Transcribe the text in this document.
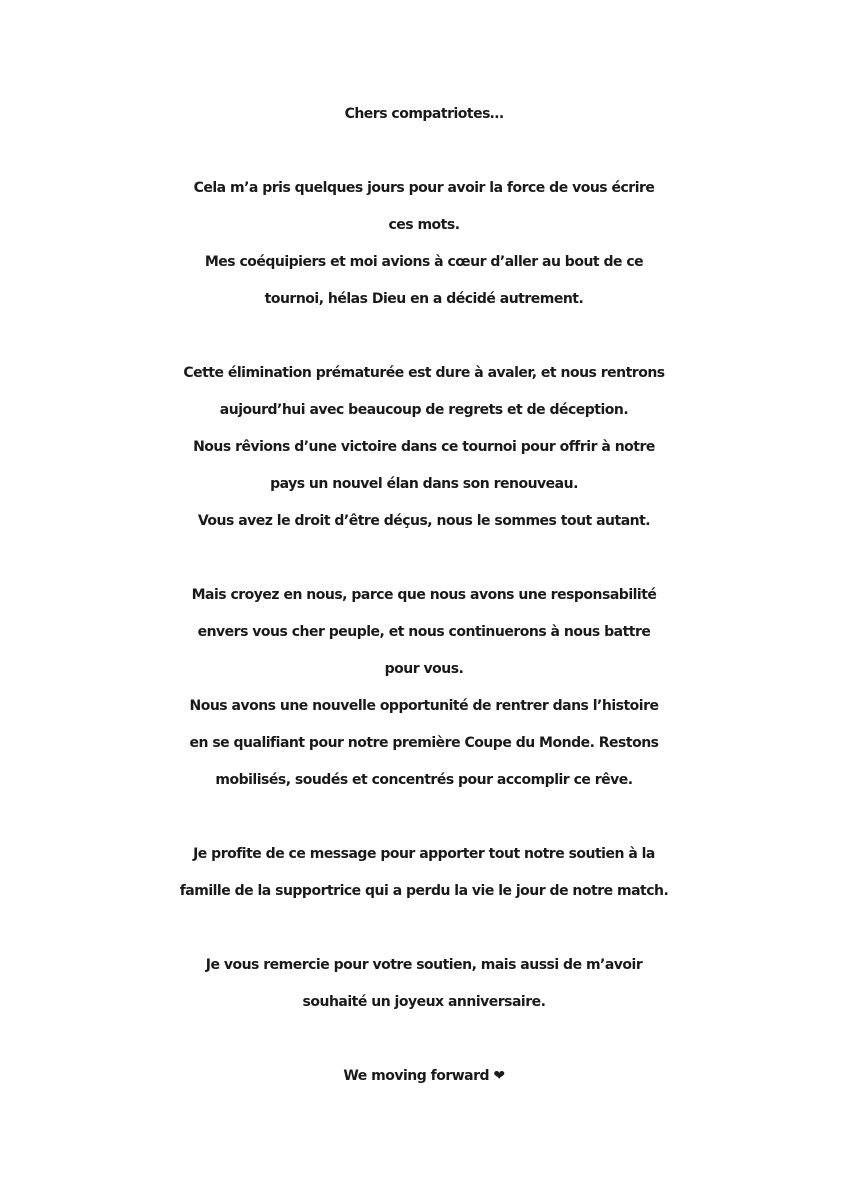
Chers compatriotes…
Cela m’a pris quelques jours pour avoir la force de vous écrire
ces mots.
Mes coéquipiers et moi avions à cœur d’aller au bout de ce
tournoi, hélas Dieu en a décidé autrement.
Cette élimination prématurée est dure à avaler, et nous rentrons
aujourd’hui avec beaucoup de regrets et de déception.
Nous rêvions d’une victoire dans ce tournoi pour offrir à notre
pays un nouvel élan dans son renouveau.
Vous avez le droit d’être déçus, nous le sommes tout autant.
Mais croyez en nous, parce que nous avons une responsabilité
envers vous cher peuple, et nous continuerons à nous battre
pour vous.
Nous avons une nouvelle opportunité de rentrer dans l’histoire
en se qualifiant pour notre première Coupe du Monde. Restons
mobilisés, soudés et concentrés pour accomplir ce rêve.
Je profite de ce message pour apporter tout notre soutien à la
famille de la supportrice qui a perdu la vie le jour de notre match.
Je vous remercie pour votre soutien, mais aussi de m’avoir
souhaité un joyeux anniversaire.
We moving forward ❤
